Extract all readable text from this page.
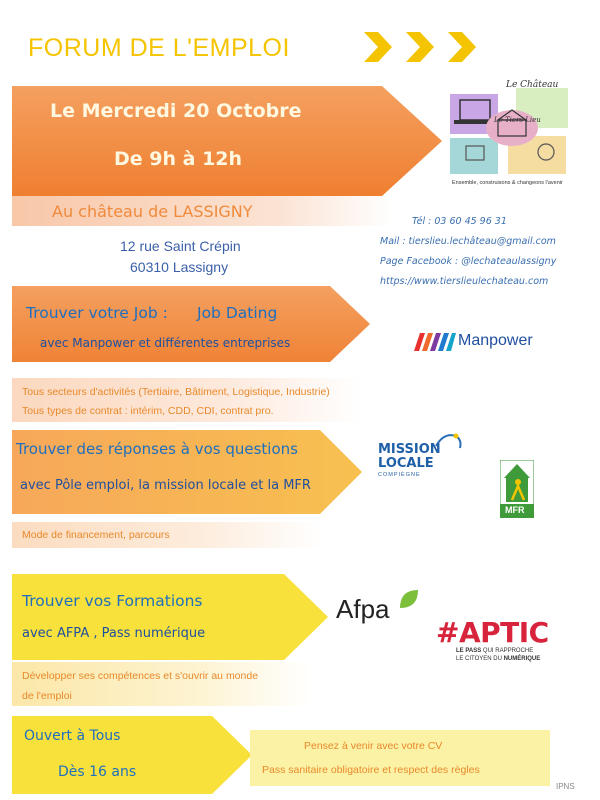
FORUM DE L'EMPLOI
Le Mercredi 20 Octobre
De 9h à 12h
Au château de LASSIGNY
12 rue Saint Crépin
60310 Lassigny
Le Château
Le Tiers Lieu
Ensemble, construisons & changeons l'avenir
Tél : 03 60 45 96 31
Mail : tierslieu.lechâteau@gmail.com
Page Facebook : @lechateaulassigny
https://www.tierslieulechateau.com
Trouver votre Job : Job Dating
avec Manpower et différentes entreprises	Manpower
Tous secteurs d'activités (Tertiaire, Bâtiment, Logistique, Industrie)
Tous types de contrat : intérim, CDD, CDI, contrat pro.
Trouver des réponses à vos questions
avec Pôle emploi, la mission locale et la MFR
MISSION
LOCALE
COMPIÈGNE
MFR
Mode de financement, parcours
Trouver vos Formations
avec AFPA , Pass numérique
Afpa
#APTIC
LE PASS QUI RAPPROCHE
LE CITOYEN DU NUMÉRIQUE
Développer ses compétences et s'ouvrir au monde
de l'emploi
Ouvert à Tous
Dès 16 ans
Pensez à venir avec votre CV
Pass sanitaire obligatoire et respect des règles
IPNS
